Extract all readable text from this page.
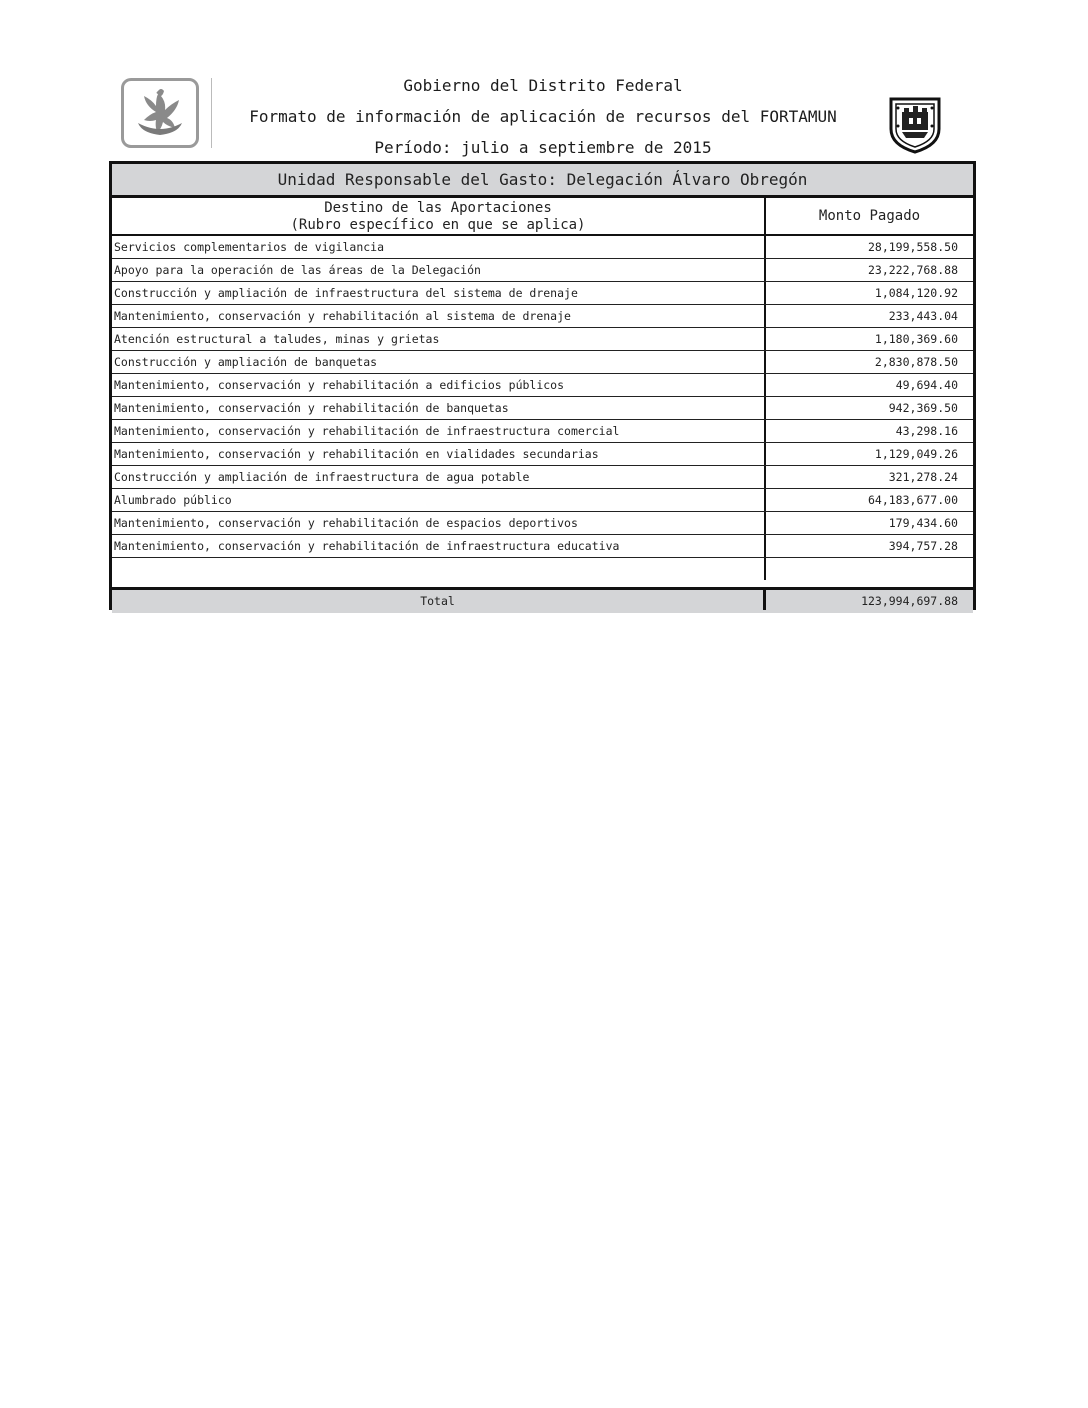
Gobierno del Distrito Federal
Formato de información de aplicación de recursos del FORTAMUN
Período: julio a septiembre de 2015
Unidad Responsable del Gasto: Delegación Álvaro Obregón
Destino de las Aportaciones
(Rubro específico en que se aplica)
Monto Pagado
Servicios complementarios de vigilancia	28,199,558.50
Apoyo para la operación de las áreas de la Delegación	23,222,768.88
Construcción y ampliación de infraestructura del sistema de drenaje	1,084,120.92
Mantenimiento, conservación y rehabilitación al sistema de drenaje	233,443.04
Atención estructural a taludes, minas y grietas	1,180,369.60
Construcción y ampliación de banquetas	2,830,878.50
Mantenimiento, conservación y rehabilitación a edificios públicos	49,694.40
Mantenimiento, conservación y rehabilitación de banquetas	942,369.50
Mantenimiento, conservación y rehabilitación de infraestructura comercial	43,298.16
Mantenimiento, conservación y rehabilitación en vialidades secundarias	1,129,049.26
Construcción y ampliación de infraestructura de agua potable	321,278.24
Alumbrado público	64,183,677.00
Mantenimiento, conservación y rehabilitación de espacios deportivos	179,434.60
Mantenimiento, conservación y rehabilitación de infraestructura educativa	394,757.28
Total	123,994,697.88
